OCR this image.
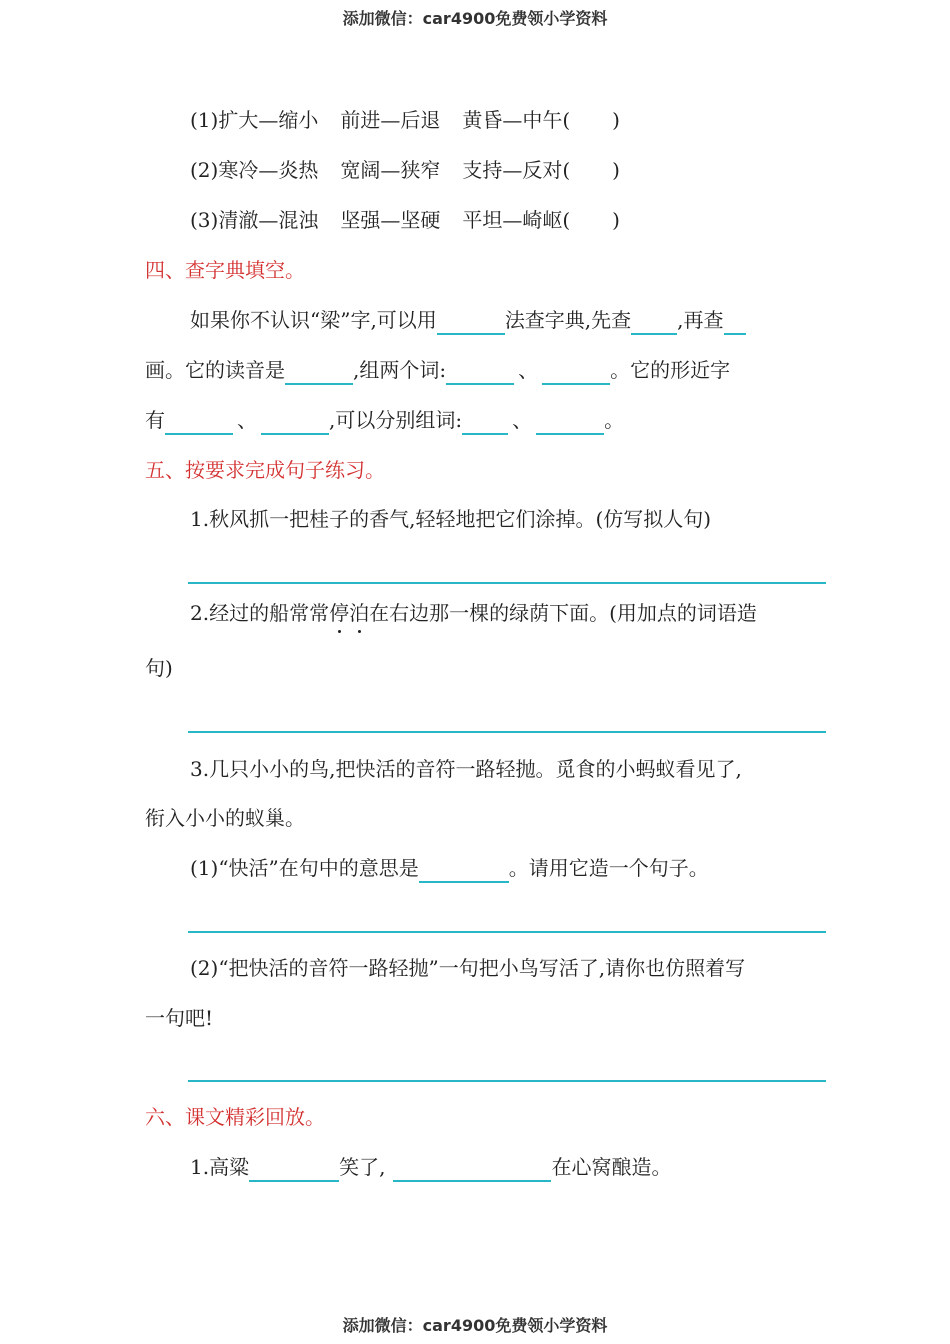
添加微信：car4900免费领小学资料
(1)扩大—缩小 前进—后退 黄昏—中午( )
(2)寒冷—炎热 宽阔—狭窄 支持—反对( )
(3)清澈—混浊 坚强—坚硬 平坦—崎岖( )
四、查字典填空。
如果你不认识“梁”字,可以用	法查字典,先查 ,再查
画。它的读音是	,组两个词:	、	。它的形近字
有	、	,可以分别组词:	、	。
五、按要求完成句子练习。
1.秋风抓一把桂子的香气,轻轻地把它们涂掉。(仿写拟人句)
2.经过的船常常停泊在右边那一棵的绿荫下面。(用加点的词语造
句)
3.几只小小的鸟,把快活的音符一路轻抛。觅食的小蚂蚁看见了,
衔入小小的蚁巢。
(1)“快活”在句中的意思是	。请用它造一个句子。
(2)“把快活的音符一路轻抛”一句把小鸟写活了,请你也仿照着写
一句吧!
六、课文精彩回放。
1.高粱	笑了,	在心窝酿造。
添加微信：car4900免费领小学资料
